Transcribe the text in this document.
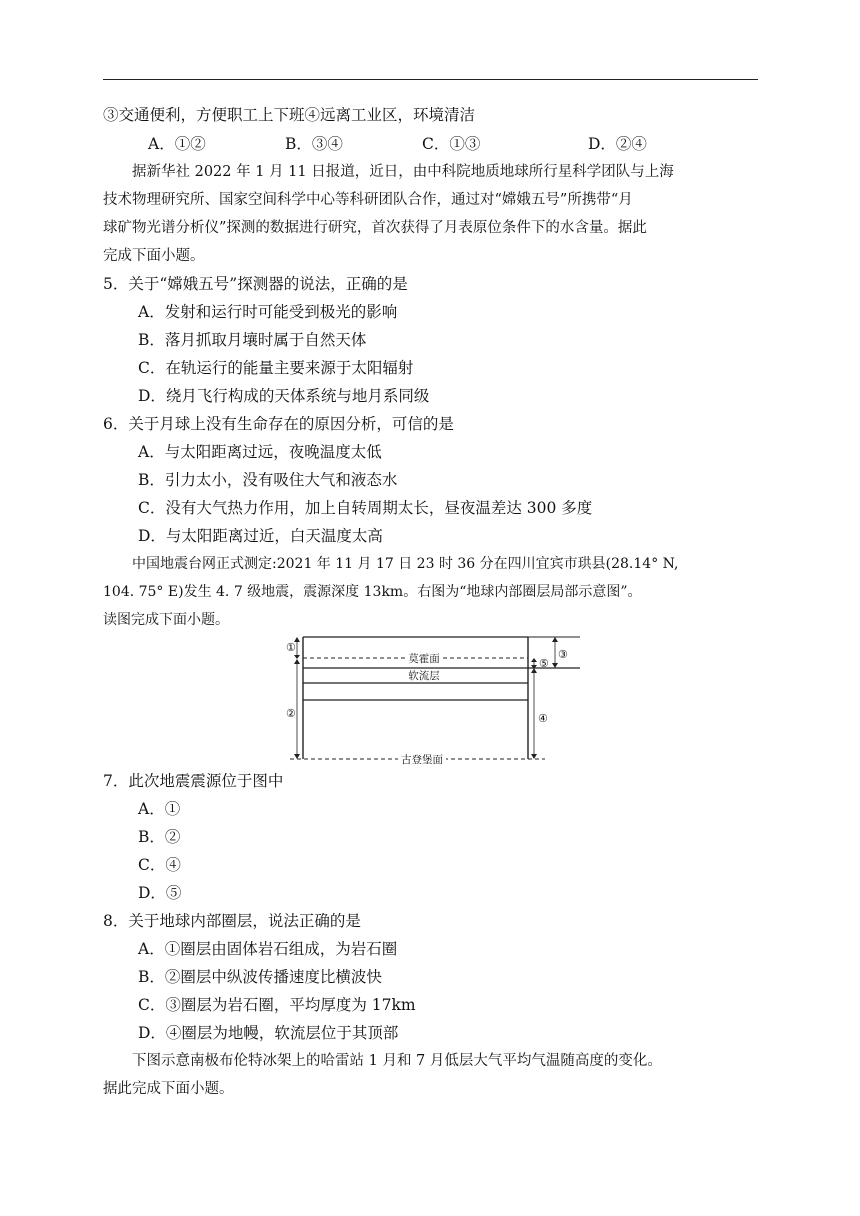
③交通便利，方便职工上下班④远离工业区，环境清洁
A．①②	B．③④	C．①③	D．②④
据新华社 2022 年 1 月 11 日报道，近日，由中科院地质地球所行星科学团队与上海
技术物理研究所、国家空间科学中心等科研团队合作，通过对“嫦娥五号”所携带“月
球矿物光谱分析仪”探测的数据进行研究，首次获得了月表原位条件下的水含量。据此
完成下面小题。
5．关于“嫦娥五号”探测器的说法，正确的是
A．发射和运行时可能受到极光的影响
B．落月抓取月壤时属于自然天体
C．在轨运行的能量主要来源于太阳辐射
D．绕月飞行构成的天体系统与地月系同级
6．关于月球上没有生命存在的原因分析，可信的是
A．与太阳距离过远，夜晚温度太低
B．引力太小，没有吸住大气和液态水
C．没有大气热力作用，加上自转周期太长，昼夜温差达 300 多度
D．与太阳距离过近，白天温度太高
中国地震台网正式测定:2021 年 11 月 17 日 23 时 36 分在四川宜宾市珙县(28.14° N,
104. 75° E)发生 4. 7 级地震，震源深度 13km。右图为“地球内部圈层局部示意图”。
读图完成下面小题。
①
②
⑤
③
④
莫霍面
软流层
古登堡面
7．此次地震震源位于图中
A．①
B．②
C．④
D．⑤
8．关于地球内部圈层，说法正确的是
A．①圈层由固体岩石组成，为岩石圈
B．②圈层中纵波传播速度比横波快
C．③圈层为岩石圈，平均厚度为 17km
D．④圈层为地幔，软流层位于其顶部
下图示意南极布伦特冰架上的哈雷站 1 月和 7 月低层大气平均气温随高度的变化。
据此完成下面小题。
